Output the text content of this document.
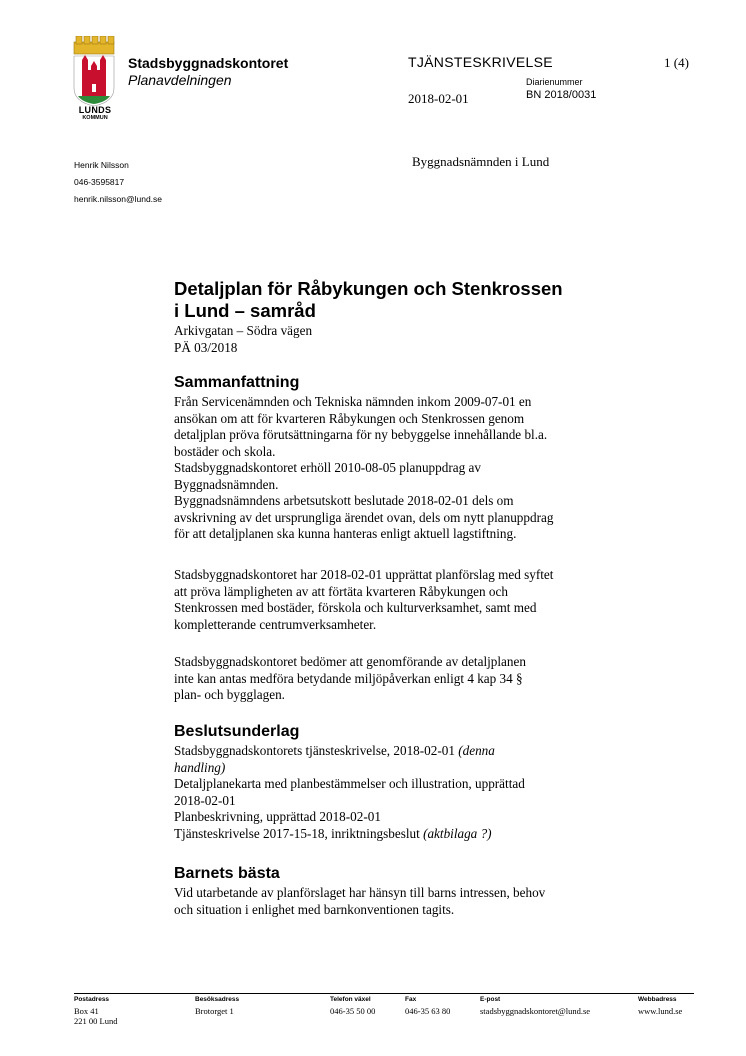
LUNDS
KOMMUN
Stadsbyggnadskontoret
Planavdelningen
TJÄNSTESKRIVELSE	1 (4)
Diarienummer
2018-02-01	BN 2018/0031
Henrik Nilsson
046-3595817
henrik.nilsson@lund.se
Byggnadsnämnden i Lund
Detaljplan för Råbykungen och Stenkrossen
i Lund – samråd
Arkivgatan – Södra vägen
PÄ 03/2018
Sammanfattning
Från Servicenämnden och Tekniska nämnden inkom 2009-07-01 en
ansökan om att för kvarteren Råbykungen och Stenkrossen genom
detaljplan pröva förutsättningarna för ny bebyggelse innehållande bl.a.
bostäder och skola.
Stadsbyggnadskontoret erhöll 2010-08-05 planuppdrag av
Byggnadsnämnden.
Byggnadsnämndens arbetsutskott beslutade 2018-02-01 dels om
avskrivning av det ursprungliga ärendet ovan, dels om nytt planuppdrag
för att detaljplanen ska kunna hanteras enligt aktuell lagstiftning.
Stadsbyggnadskontoret har 2018-02-01 upprättat planförslag med syftet
att pröva lämpligheten av att förtäta kvarteren Råbykungen och
Stenkrossen med bostäder, förskola och kulturverksamhet, samt med
kompletterande centrumverksamheter.
Stadsbyggnadskontoret bedömer att genomförande av detaljplanen
inte kan antas medföra betydande miljöpåverkan enligt 4 kap 34 §
plan- och bygglagen.
Beslutsunderlag
Stadsbyggnadskontorets tjänsteskrivelse, 2018-02-01 (denna
handling)
Detaljplanekarta med planbestämmelser och illustration, upprättad
2018-02-01
Planbeskrivning, upprättad 2018-02-01
Tjänsteskrivelse 2017-15-18, inriktningsbeslut (aktbilaga ?)
Barnets bästa
Vid utarbetande av planförslaget har hänsyn till barns intressen, behov
och situation i enlighet med barnkonventionen tagits.
Postadress
Box 41
221 00 Lund
Besöksadress
Brotorget 1
Telefon växel
046-35 50 00
Fax
046-35 63 80
E-post
stadsbyggnadskontoret@lund.se
Webbadress
www.lund.se
